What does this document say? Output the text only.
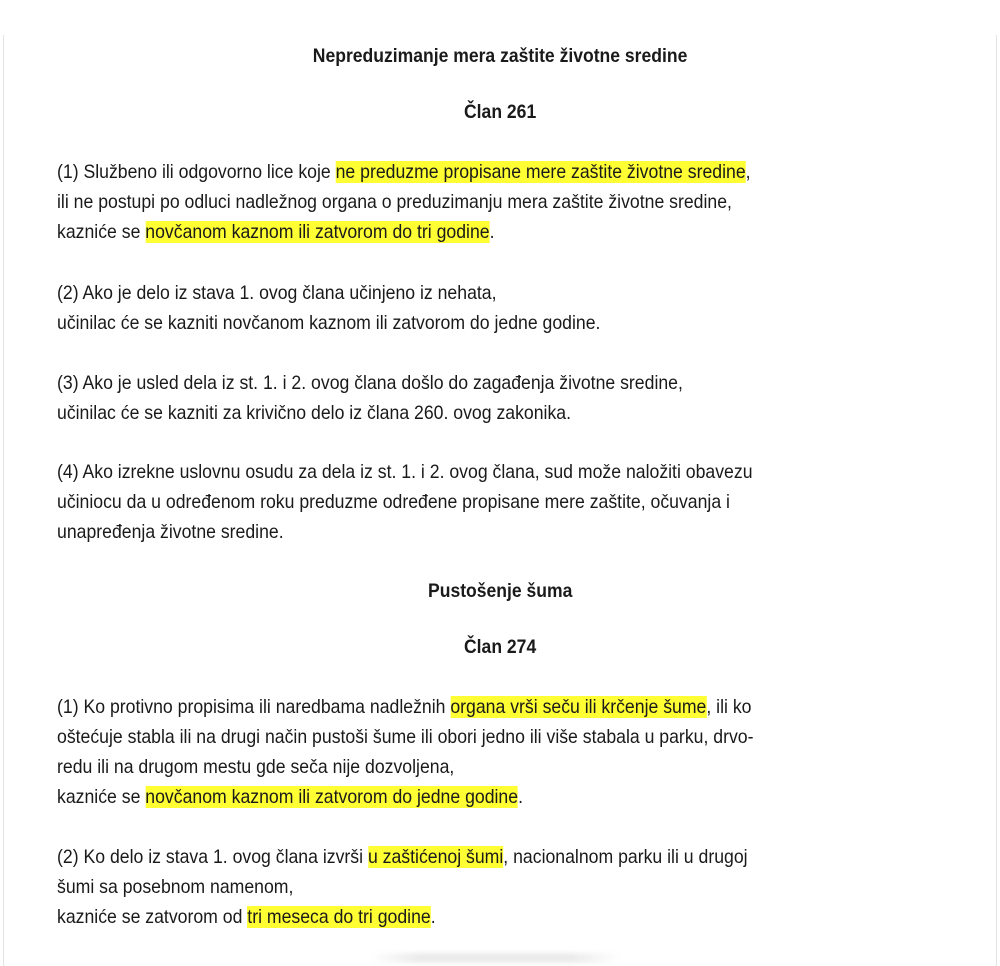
Nepreduzimanje mera zaštite životne sredine
Član 261
(1) Službeno ili odgovorno lice koje ne preduzme propisane mere zaštite životne sredine,
ili ne postupi po odluci nadležnog organa o preduzimanju mera zaštite životne sredine,
kazniće se novčanom kaznom ili zatvorom do tri godine.
(2) Ako je delo iz stava 1. ovog člana učinjeno iz nehata,
učinilac će se kazniti novčanom kaznom ili zatvorom do jedne godine.
(3) Ako je usled dela iz st. 1. i 2. ovog člana došlo do zagađenja životne sredine,
učinilac će se kazniti za krivično delo iz člana 260. ovog zakonika.
(4) Ako izrekne uslovnu osudu za dela iz st. 1. i 2. ovog člana, sud može naložiti obavezu
učiniocu da u određenom roku preduzme određene propisane mere zaštite, očuvanja i
unapređenja životne sredine.
Pustošenje šuma
Član 274
(1) Ko protivno propisima ili naredbama nadležnih organa vrši seču ili krčenje šume, ili ko
oštećuje stabla ili na drugi način pustoši šume ili obori jedno ili više stabala u parku, drvo-
redu ili na drugom mestu gde seča nije dozvoljena,
kazniće se novčanom kaznom ili zatvorom do jedne godine.
(2) Ko delo iz stava 1. ovog člana izvrši u zaštićenoj šumi, nacionalnom parku ili u drugoj
šumi sa posebnom namenom,
kazniće se zatvorom od tri meseca do tri godine.
